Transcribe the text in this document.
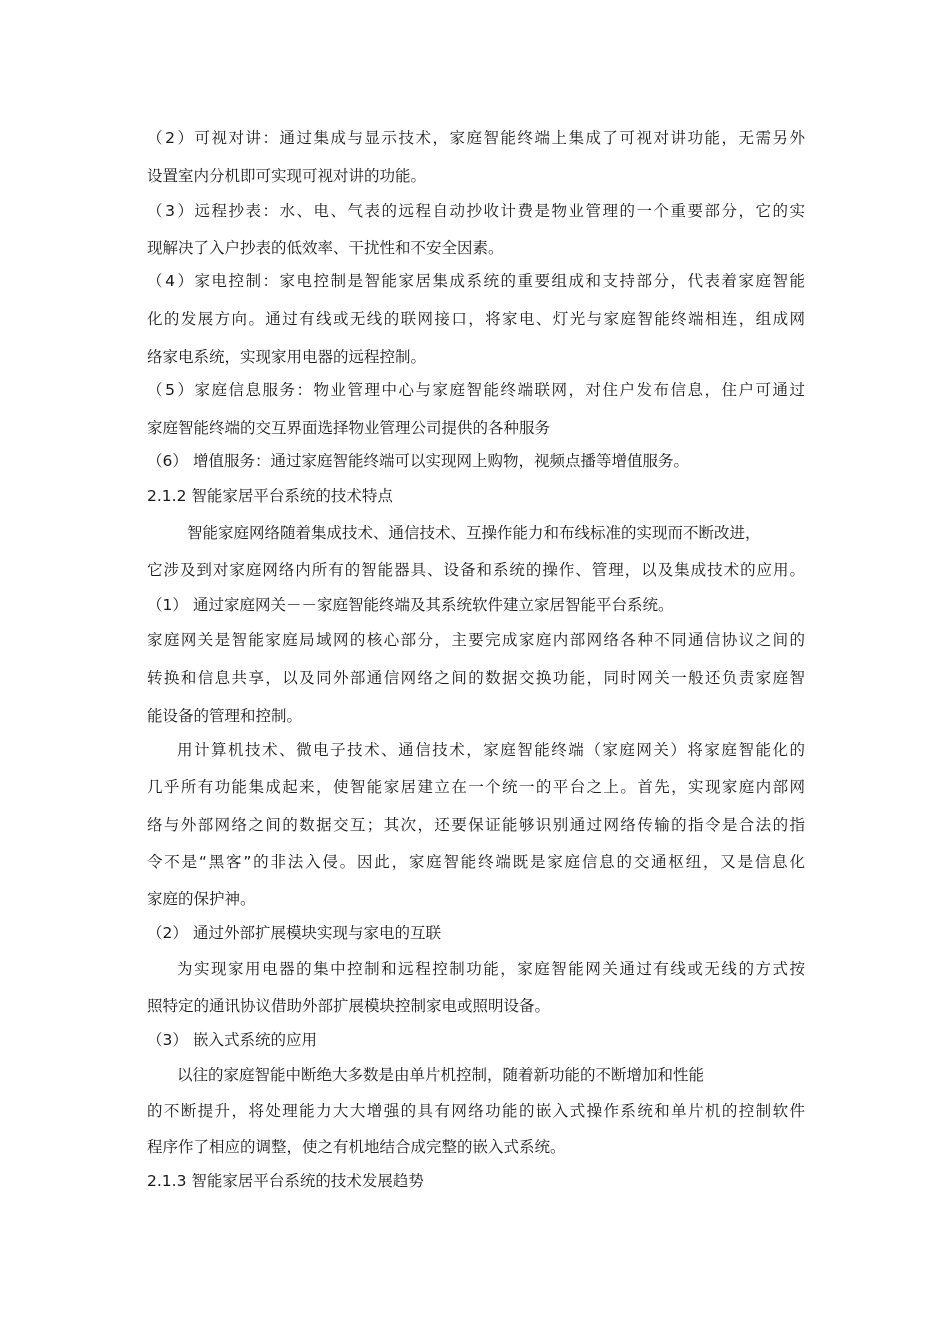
（2）可视对讲：通过集成与显示技术，家庭智能终端上集成了可视对讲功能，无需另外
设置室内分机即可实现可视对讲的功能。
（3）远程抄表：水、电、气表的远程自动抄收计费是物业管理的一个重要部分，它的实
现解决了入户抄表的低效率、干扰性和不安全因素。
（4）家电控制：家电控制是智能家居集成系统的重要组成和支持部分，代表着家庭智能
化的发展方向。通过有线或无线的联网接口，将家电、灯光与家庭智能终端相连，组成网
络家电系统，实现家用电器的远程控制。
（5）家庭信息服务：物业管理中心与家庭智能终端联网，对住户发布信息，住户可通过
家庭智能终端的交互界面选择物业管理公司提供的各种服务
（6） 增值服务：通过家庭智能终端可以实现网上购物，视频点播等增值服务。
2.1.2 智能家居平台系统的技术特点
智能家庭网络随着集成技术、通信技术、互操作能力和布线标准的实现而不断改进，
它涉及到对家庭网络内所有的智能器具、设备和系统的操作、管理，以及集成技术的应用。
（1） 通过家庭网关－－家庭智能终端及其系统软件建立家居智能平台系统。
家庭网关是智能家庭局域网的核心部分，主要完成家庭内部网络各种不同通信协议之间的
转换和信息共享，以及同外部通信网络之间的数据交换功能，同时网关一般还负责家庭智
能设备的管理和控制。
用计算机技术、微电子技术、通信技术，家庭智能终端（家庭网关）将家庭智能化的
几乎所有功能集成起来，使智能家居建立在一个统一的平台之上。首先，实现家庭内部网
络与外部网络之间的数据交互；其次，还要保证能够识别通过网络传输的指令是合法的指
令不是“黑客”的非法入侵。因此，家庭智能终端既是家庭信息的交通枢纽，又是信息化
家庭的保护神。
（2） 通过外部扩展模块实现与家电的互联
为实现家用电器的集中控制和远程控制功能，家庭智能网关通过有线或无线的方式按
照特定的通讯协议借助外部扩展模块控制家电或照明设备。
（3） 嵌入式系统的应用
以往的家庭智能中断绝大多数是由单片机控制，随着新功能的不断增加和性能
的不断提升，将处理能力大大增强的具有网络功能的嵌入式操作系统和单片机的控制软件
程序作了相应的调整，使之有机地结合成完整的嵌入式系统。
2.1.3 智能家居平台系统的技术发展趋势
